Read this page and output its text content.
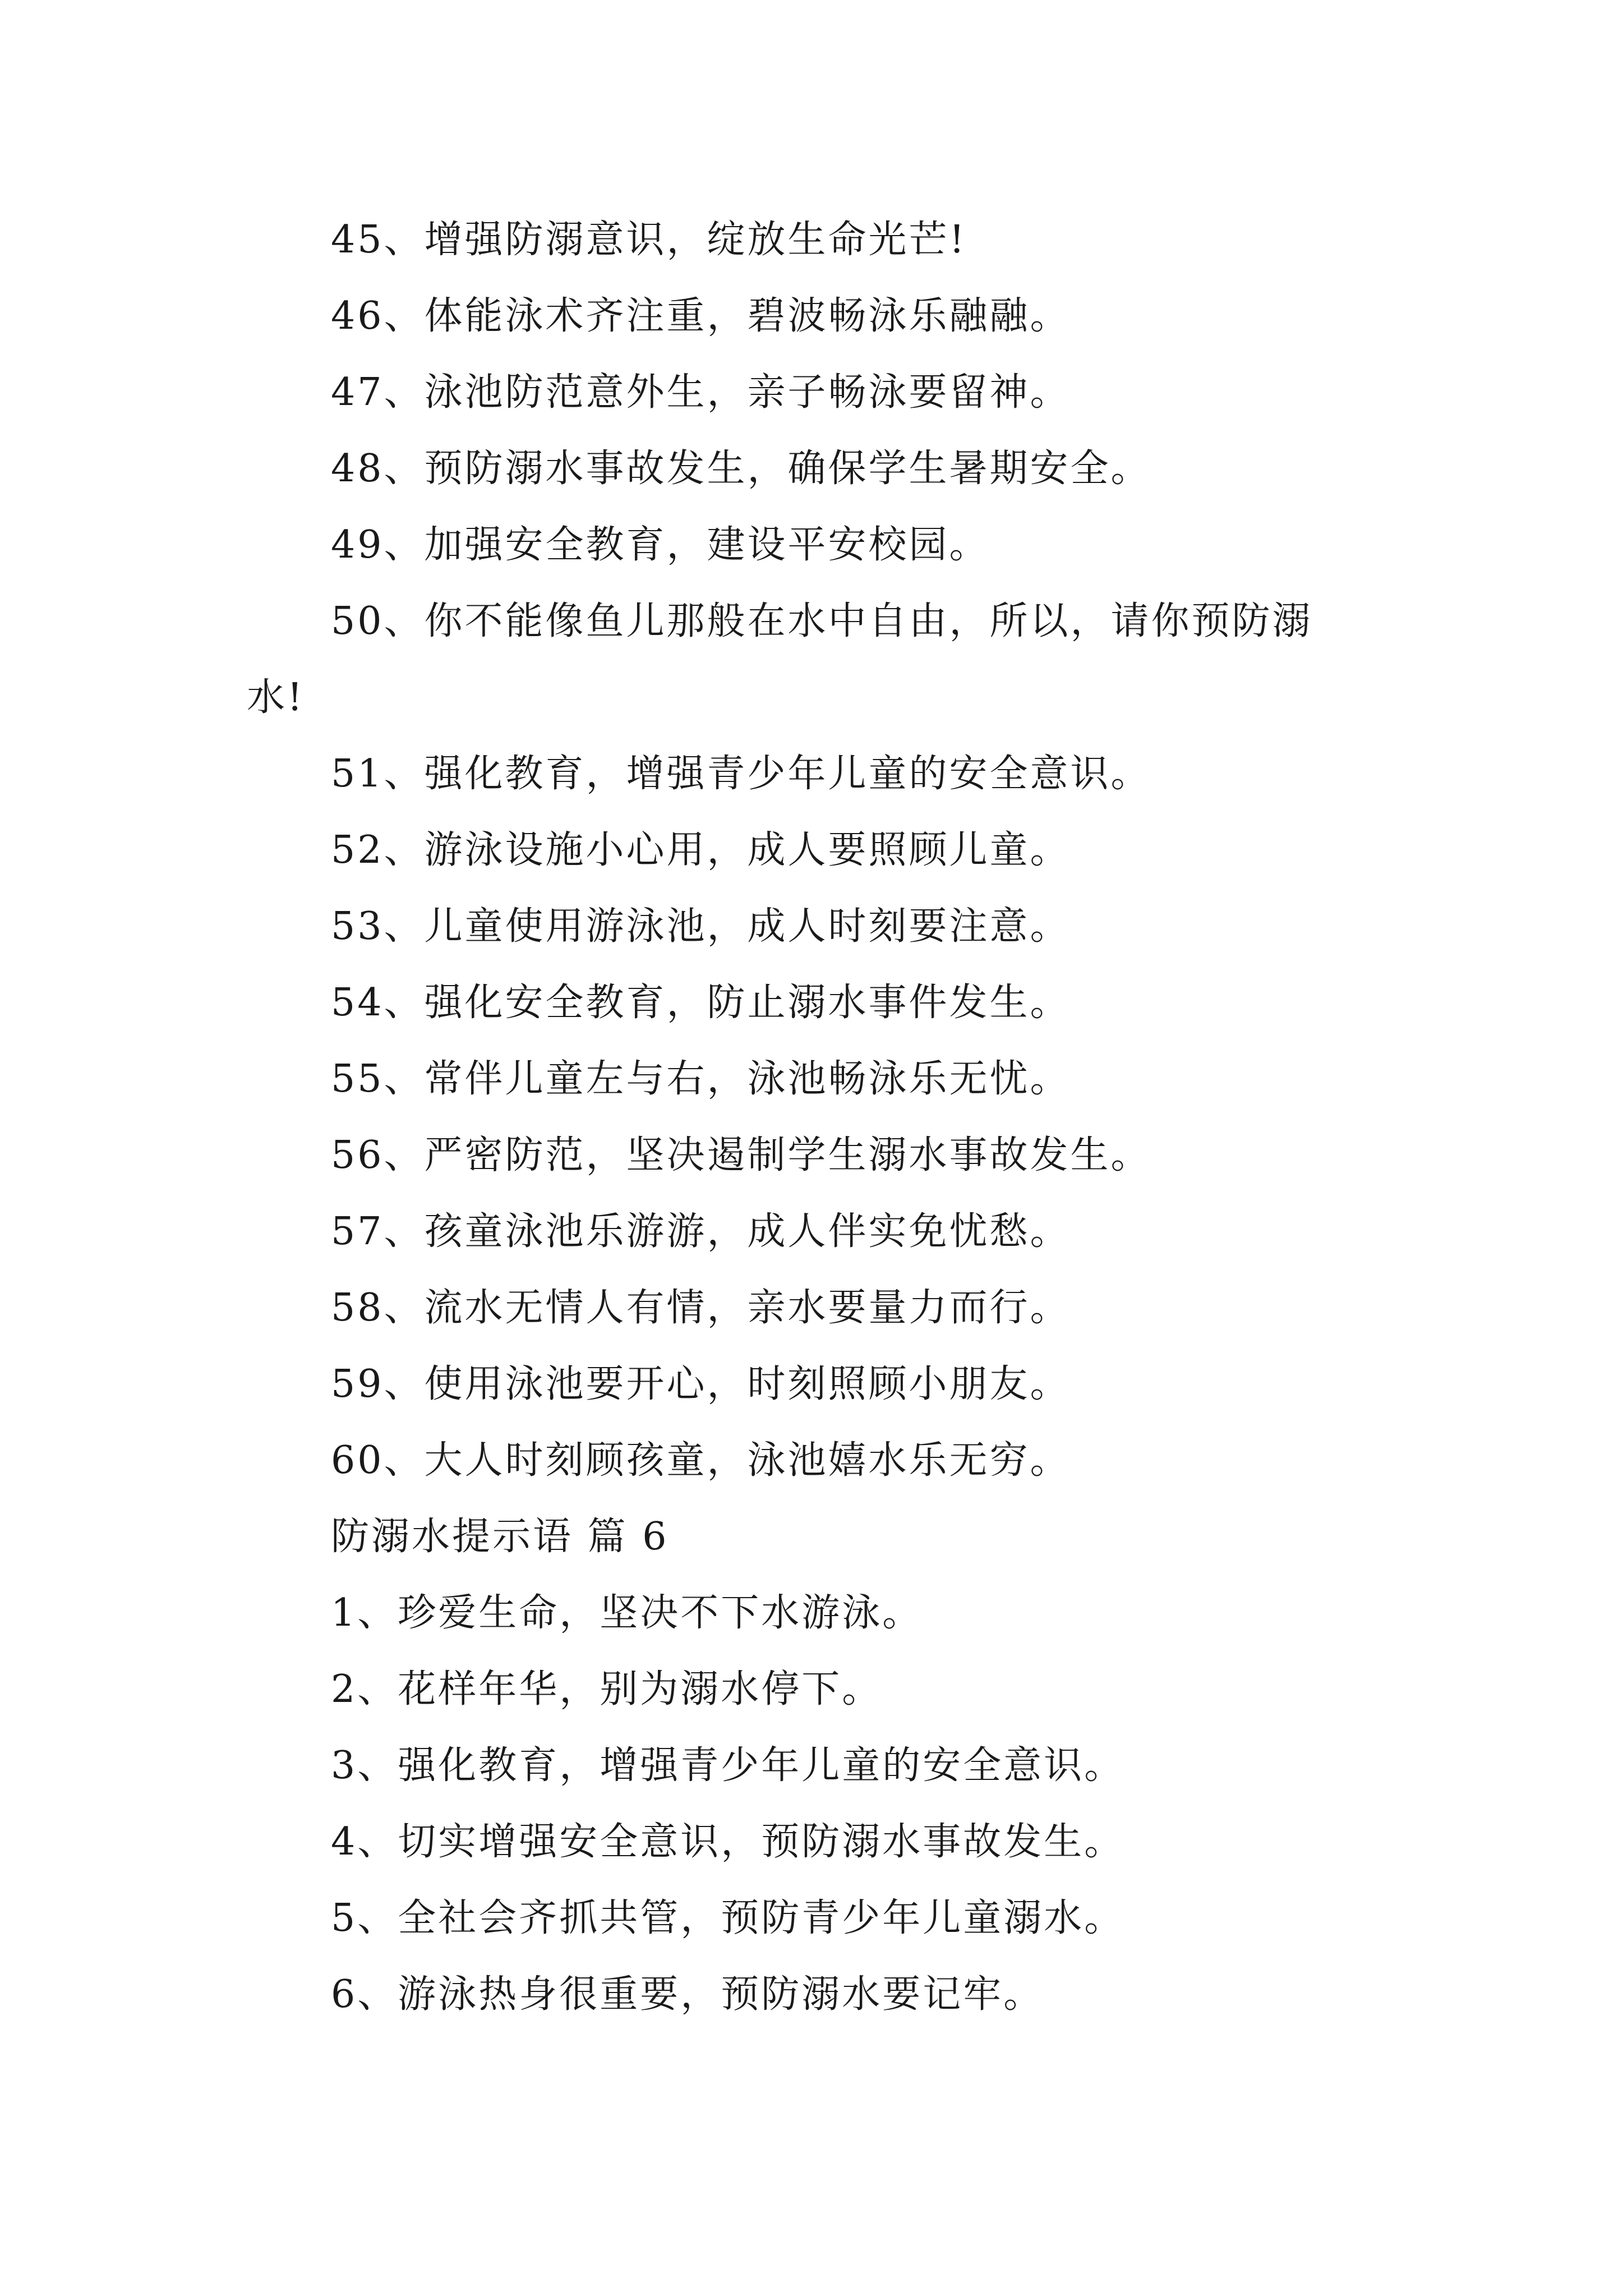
45、增强防溺意识，绽放生命光芒!
46、体能泳术齐注重，碧波畅泳乐融融。
47、泳池防范意外生，亲子畅泳要留神。
48、预防溺水事故发生，确保学生暑期安全。
49、加强安全教育，建设平安校园。
50、你不能像鱼儿那般在水中自由，所以，请你预防溺
水!
51、强化教育，增强青少年儿童的安全意识。
52、游泳设施小心用，成人要照顾儿童。
53、儿童使用游泳池，成人时刻要注意。
54、强化安全教育，防止溺水事件发生。
55、常伴儿童左与右，泳池畅泳乐无忧。
56、严密防范，坚决遏制学生溺水事故发生。
57、孩童泳池乐游游，成人伴实免忧愁。
58、流水无情人有情，亲水要量力而行。
59、使用泳池要开心，时刻照顾小朋友。
60、大人时刻顾孩童，泳池嬉水乐无穷。
防溺水提示语 篇 6
1、珍爱生命，坚决不下水游泳。
2、花样年华，别为溺水停下。
3、强化教育，增强青少年儿童的安全意识。
4、切实增强安全意识，预防溺水事故发生。
5、全社会齐抓共管，预防青少年儿童溺水。
6、游泳热身很重要，预防溺水要记牢。
